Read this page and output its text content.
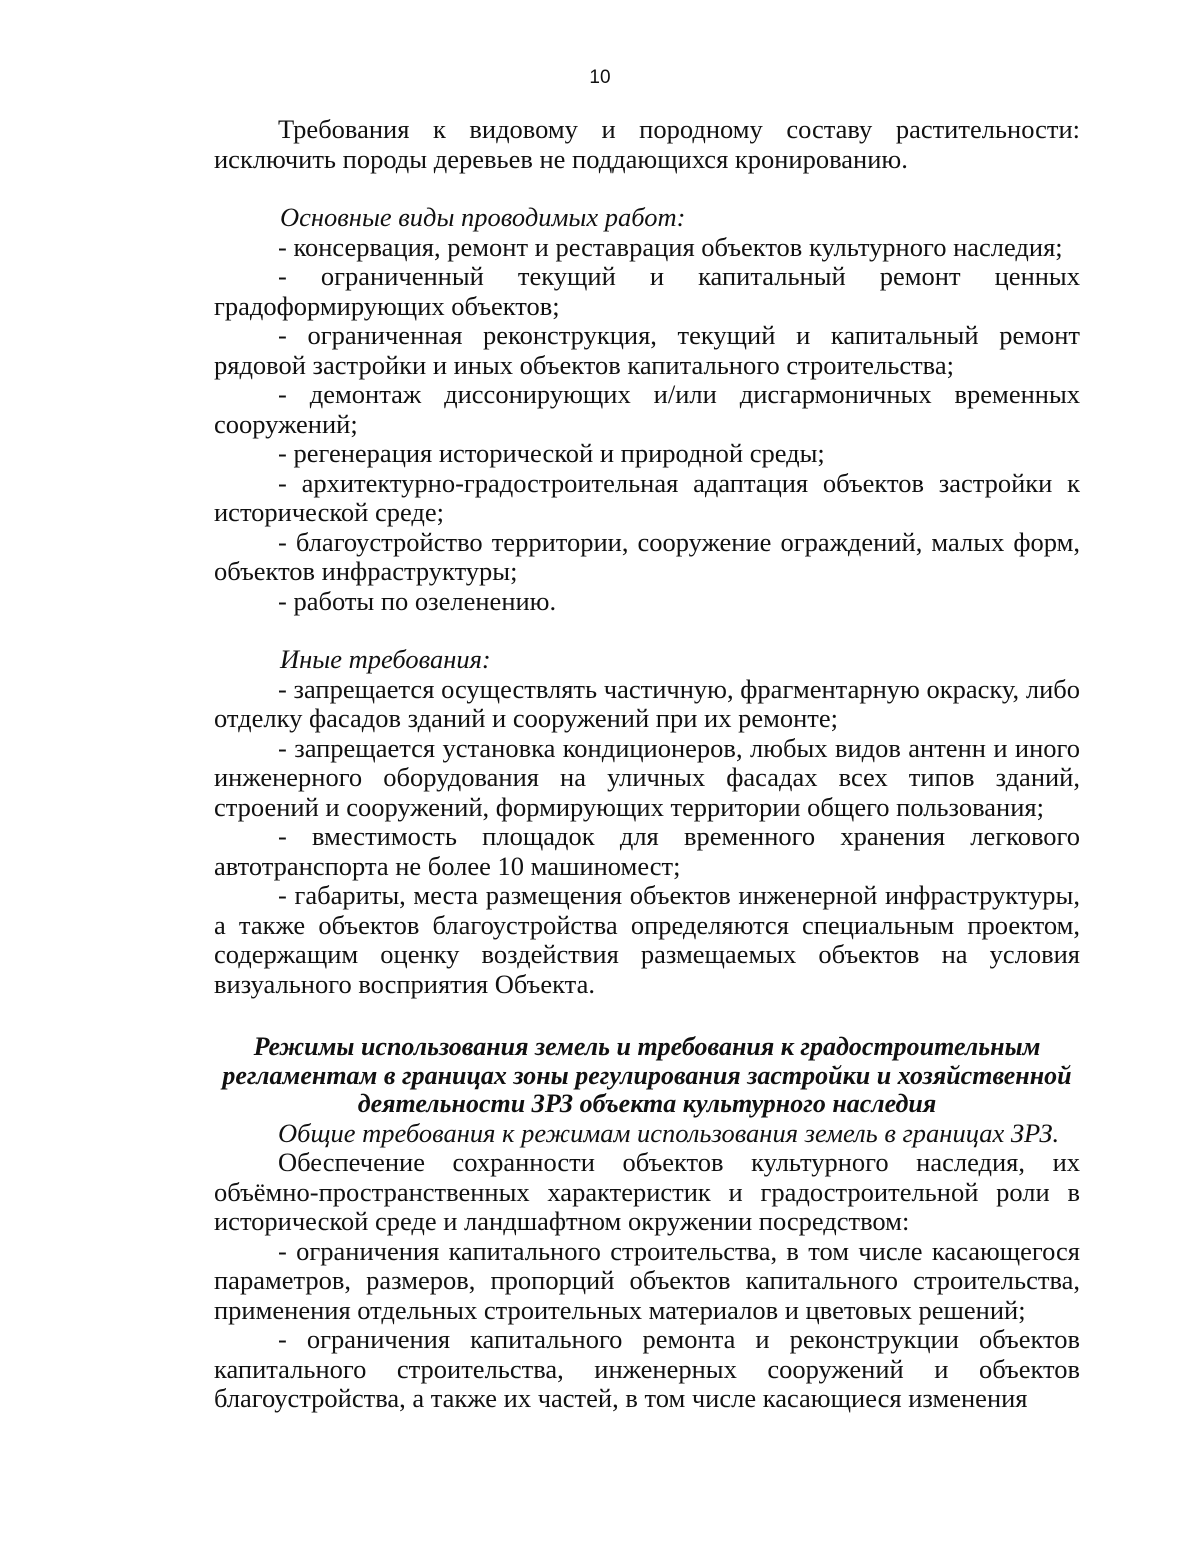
10

Требования к видовому и породному составу растительности: исключить породы деревьев не поддающихся кронированию.

Основные виды проводимых работ:

- консервация, ремонт и реставрация объектов культурного наследия;

- ограниченный текущий и капитальный ремонт ценных градоформирующих объектов;

- ограниченная реконструкция, текущий и капитальный ремонт рядовой застройки и иных объектов капитального строительства;

- демонтаж диссонирующих и/или дисгармоничных временных сооружений;

- регенерация исторической и природной среды;

- архитектурно-градостроительная адаптация объектов застройки к исторической среде;

- благоустройство территории, сооружение ограждений, малых форм, объектов инфраструктуры;

- работы по озеленению.

Иные требования:

- запрещается осуществлять частичную, фрагментарную окраску, либо отделку фасадов зданий и сооружений при их ремонте;

- запрещается установка кондиционеров, любых видов антенн и иного инженерного оборудования на уличных фасадах всех типов зданий, строений и сооружений, формирующих территории общего пользования;

- вместимость площадок для временного хранения легкового автотранспорта не более 10 машиномест;

- габариты, места размещения объектов инженерной инфраструктуры, а также объектов благоустройства определяются специальным проектом, содержащим оценку воздействия размещаемых объектов на условия визуального восприятия Объекта.

Режимы использования земель и требования к градостроительным регламентам в границах зоны регулирования застройки и хозяйственной деятельности ЗРЗ объекта культурного наследия

Общие требования к режимам использования земель в границах ЗРЗ.

Обеспечение сохранности объектов культурного наследия, их объёмно-пространственных характеристик и градостроительной роли в исторической среде и ландшафтном окружении посредством:

- ограничения капитального строительства, в том числе касающегося параметров, размеров, пропорций объектов капитального строительства, применения отдельных строительных материалов и цветовых решений;

- ограничения капитального ремонта и реконструкции объектов капитального строительства, инженерных сооружений и объектов благоустройства, а также их частей, в том числе касающиеся изменения
